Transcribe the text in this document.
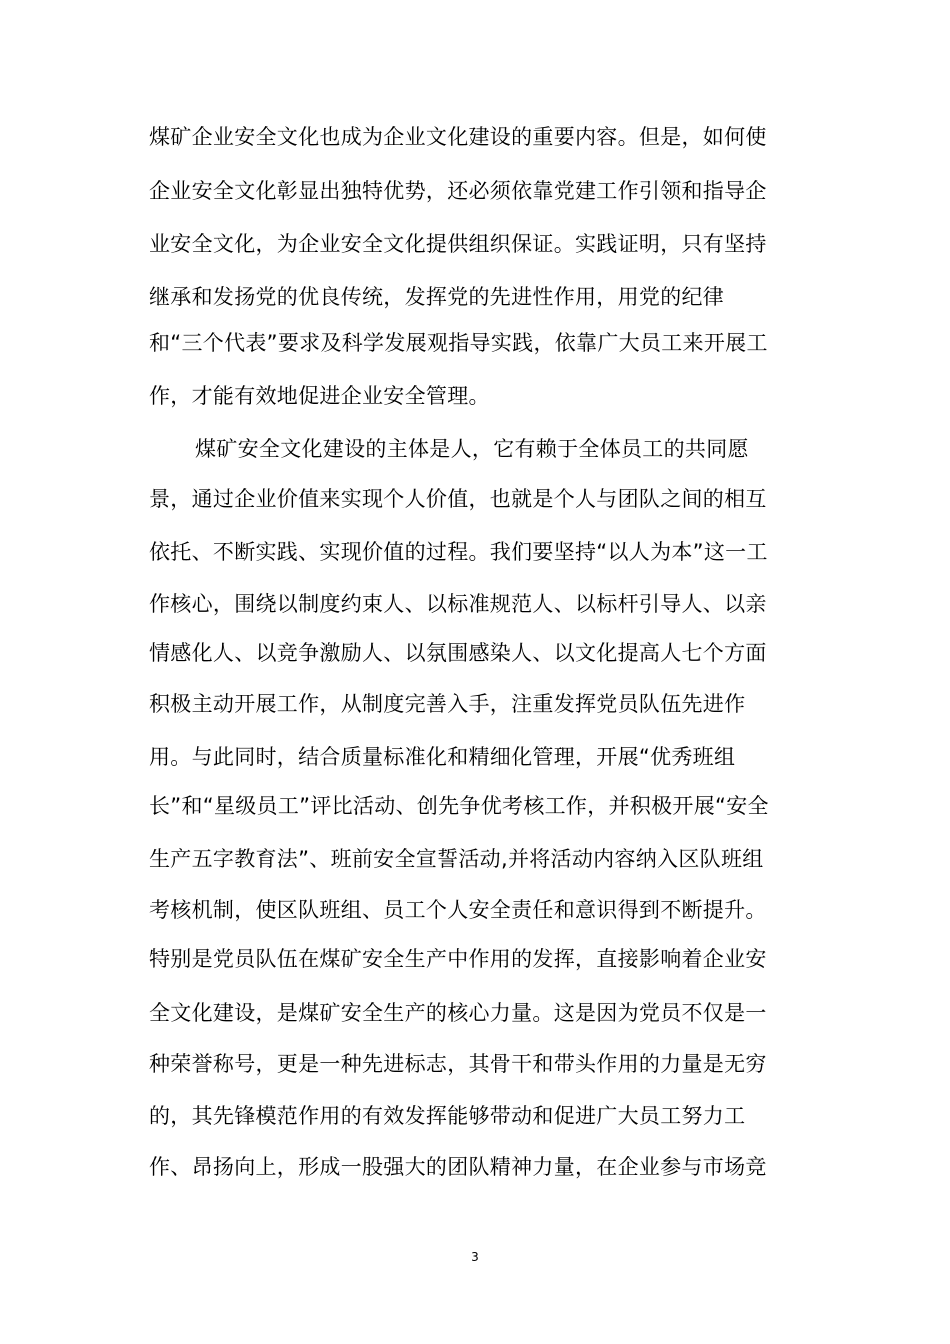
煤矿企业安全文化也成为企业文化建设的重要内容。但是，如何使
企业安全文化彰显出独特优势，还必须依靠党建工作引领和指导企
业安全文化，为企业安全文化提供组织保证。实践证明，只有坚持
继承和发扬党的优良传统，发挥党的先进性作用，用党的纪律
和“三个代表”要求及科学发展观指导实践，依靠广大员工来开展工
作，才能有效地促进企业安全管理。
煤矿安全文化建设的主体是人，它有赖于全体员工的共同愿
景，通过企业价值来实现个人价值，也就是个人与团队之间的相互
依托、不断实践、实现价值的过程。我们要坚持“以人为本”这一工
作核心，围绕以制度约束人、以标准规范人、以标杆引导人、以亲
情感化人、以竞争激励人、以氛围感染人、以文化提高人七个方面
积极主动开展工作，从制度完善入手，注重发挥党员队伍先进作
用。与此同时，结合质量标准化和精细化管理，开展“优秀班组
长”和“星级员工”评比活动、创先争优考核工作，并积极开展“安全
生产五字教育法”、班前安全宣誓活动,并将活动内容纳入区队班组
考核机制，使区队班组、员工个人安全责任和意识得到不断提升。
特别是党员队伍在煤矿安全生产中作用的发挥，直接影响着企业安
全文化建设，是煤矿安全生产的核心力量。这是因为党员不仅是一
种荣誉称号，更是一种先进标志，其骨干和带头作用的力量是无穷
的，其先锋模范作用的有效发挥能够带动和促进广大员工努力工
作、昂扬向上，形成一股强大的团队精神力量，在企业参与市场竞
3
